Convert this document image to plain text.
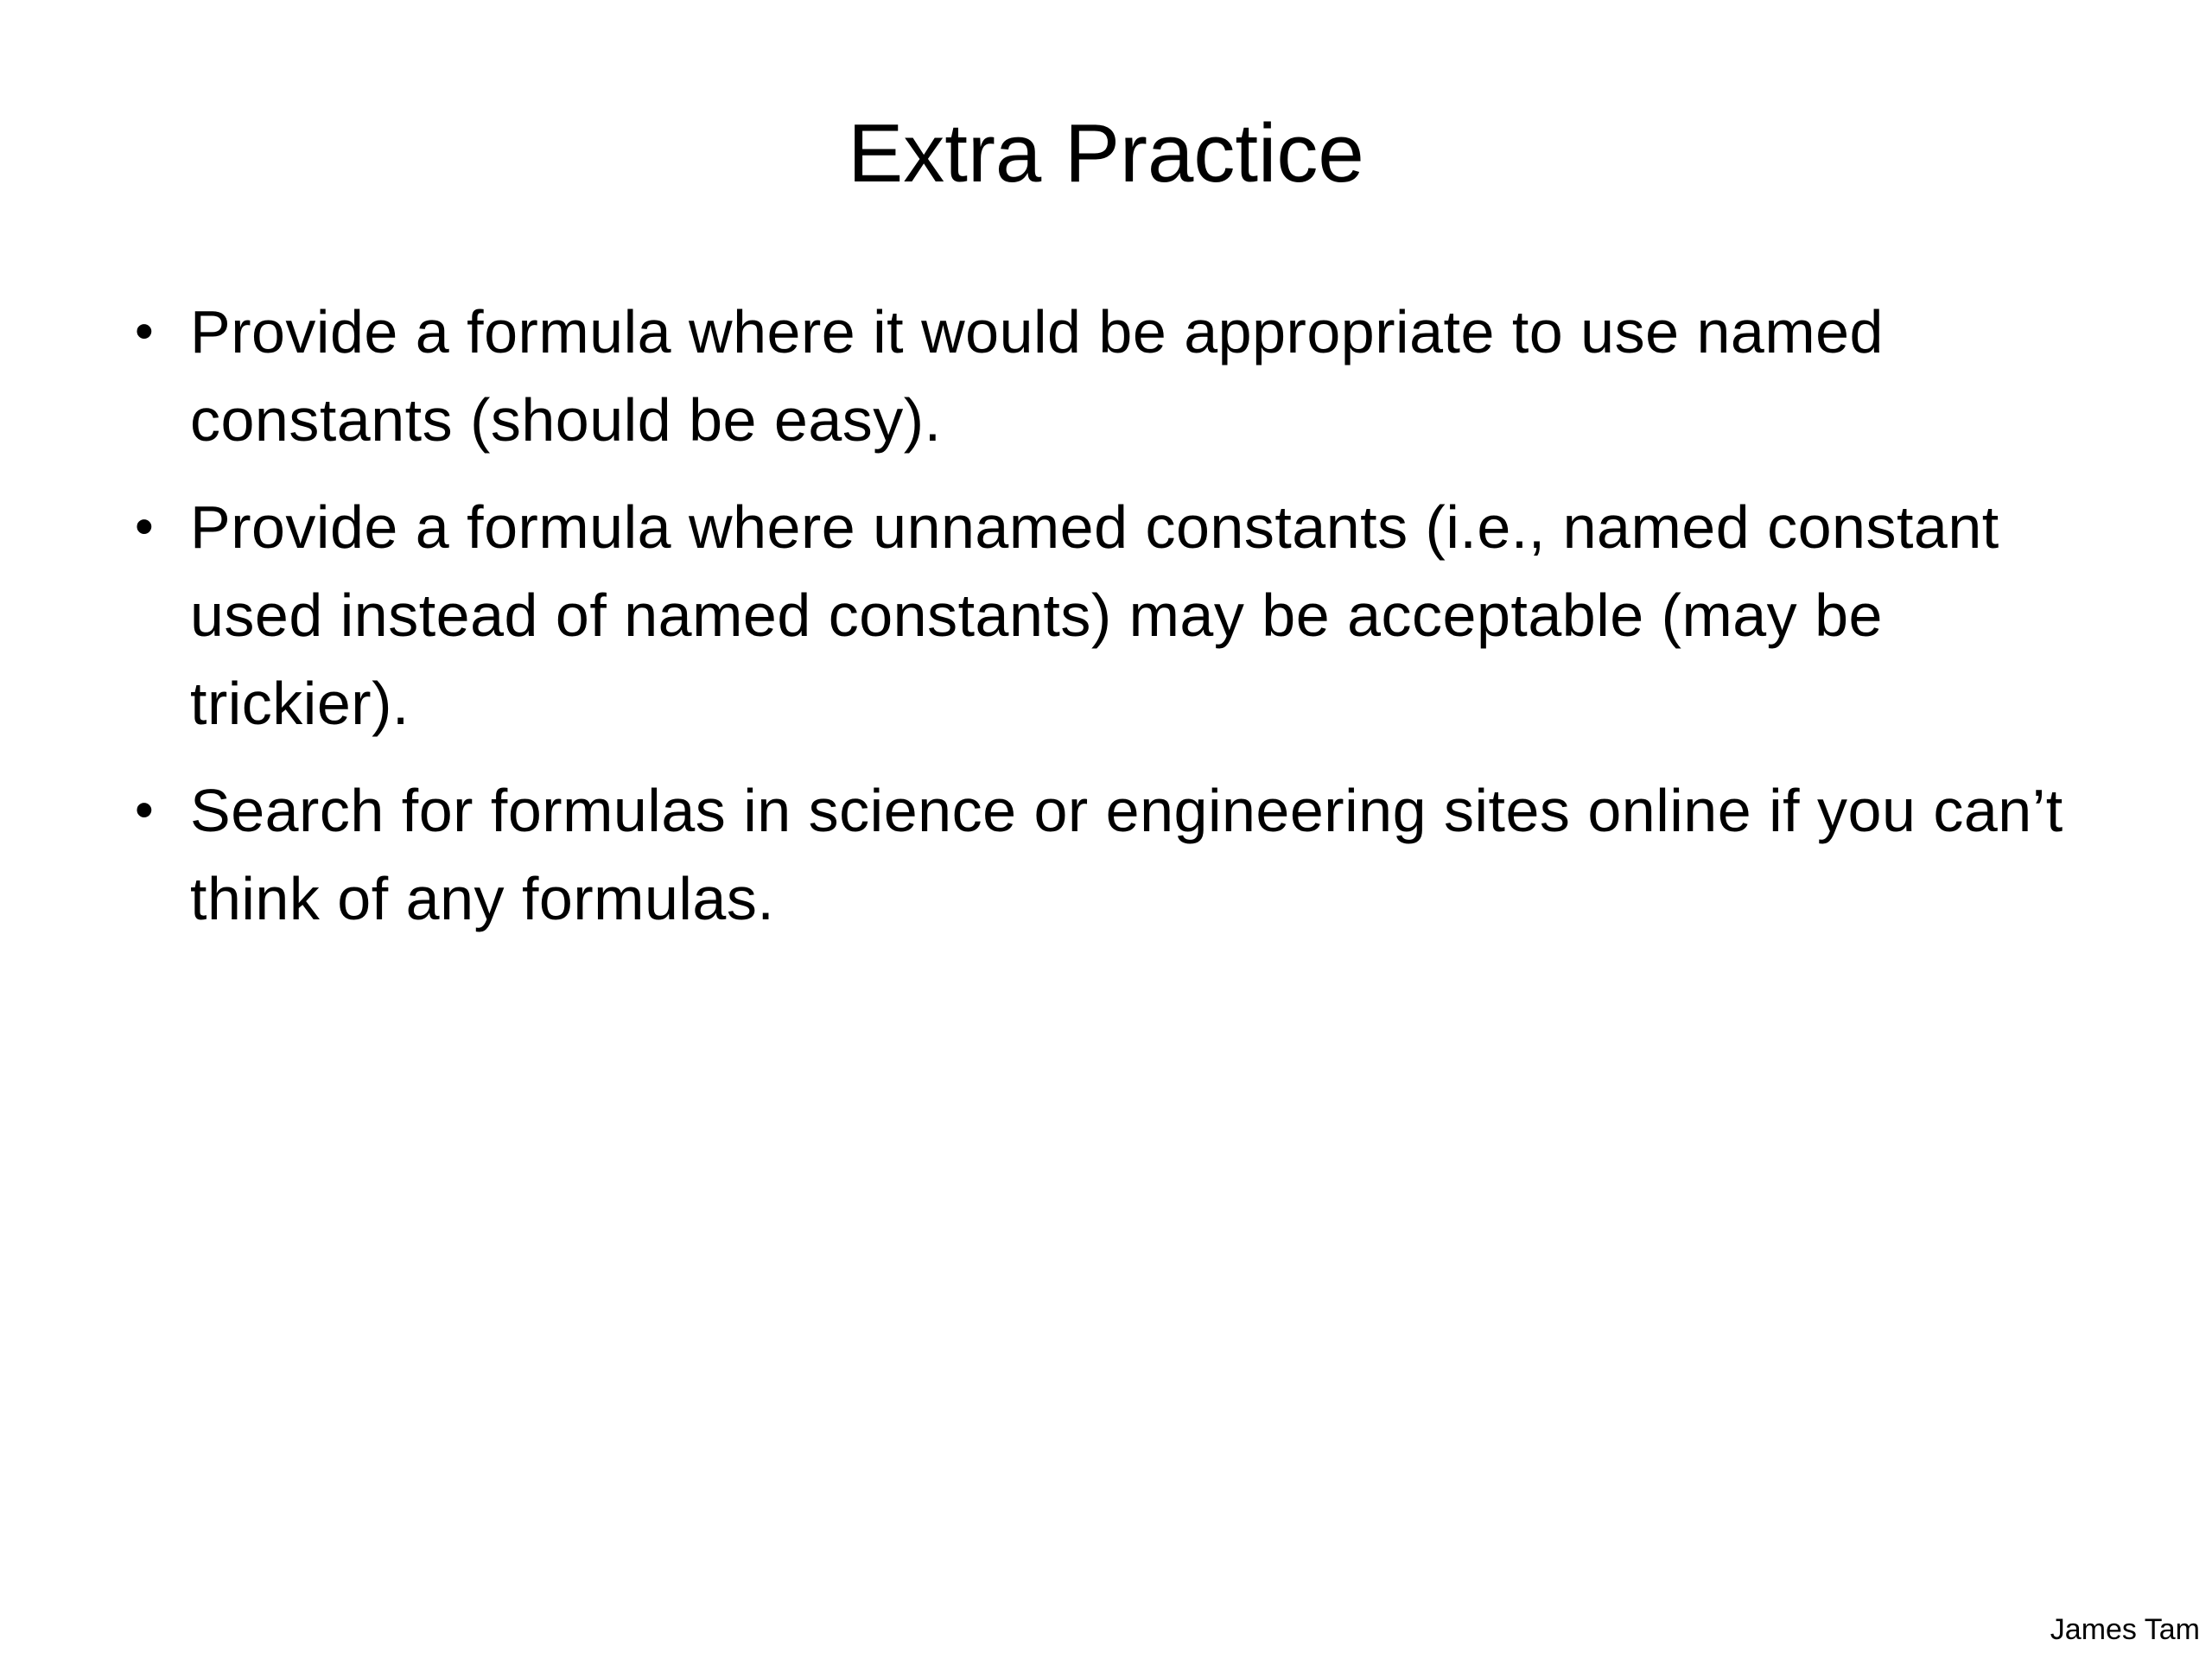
Extra Practice
• Provide a formula where it would be appropriate to use named constants (should be easy).
• Provide a formula where unnamed constants (i.e., named constant used instead of named constants) may be acceptable (may be trickier).
• Search for formulas in science or engineering sites online if you can’t think of any formulas.
James Tam
